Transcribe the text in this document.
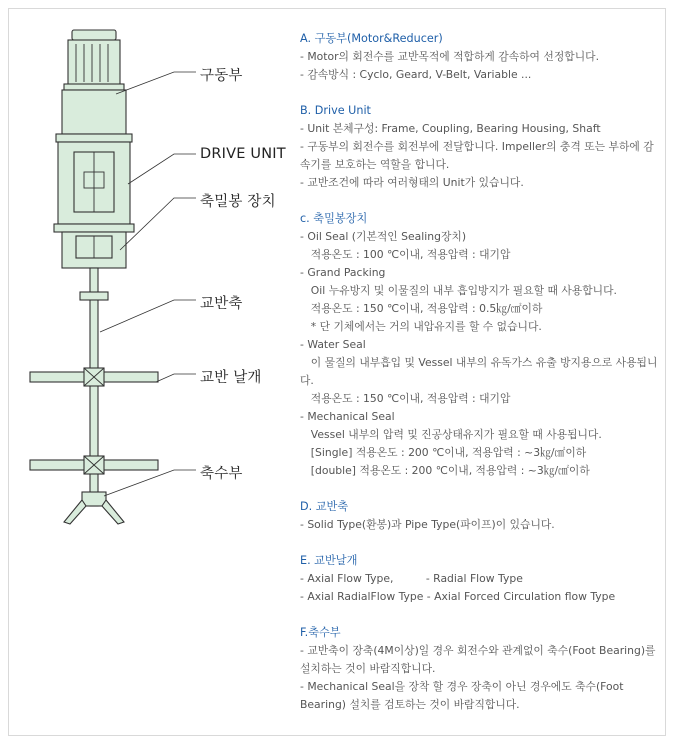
구동부
DRIVE UNIT
축밀봉 장치
교반축
교반 날개
축수부

A. 구동부(Motor&Reducer)

- Motor의 회전수를 교반목적에 적합하게 감속하여 선정합니다.

- 감속방식 : Cyclo, Geard, V-Belt, Variable ...

B. Drive Unit

- Unit 본체구성: Frame, Coupling, Bearing Housing, Shaft

- 구동부의 회전수를 회전부에 전달합니다. Impeller의 충격 또는 부하에 감속기를 보호하는 역할을 합니다.

- 교반조건에 따라 여러형태의 Unit가 있습니다.

c. 축밀봉장치

- Oil Seal (기본적인 Sealing장치)

　적용온도 : 100 ℃이내, 적용압력 : 대기압

- Grand Packing

　Oil 누유방지 및 이물질의 내부 흡입방지가 필요할 때 사용합니다.

　적용온도 : 150 ℃이내, 적용압력 : 0.5㎏/㎠이하

　* 단 기체에서는 거의 내압유지를 할 수 없습니다.

- Water Seal

　이 물질의 내부흡입 및 Vessel 내부의 유독가스 유출 방지용으로 사용됩니다.

　적용온도 : 150 ℃이내, 적용압력 : 대기압

- Mechanical Seal

　Vessel 내부의 압력 및 진공상태유지가 필요할 때 사용됩니다.

　[Single] 적용온도 : 200 ℃이내, 적용압력 : ~3㎏/㎠이하

　[double] 적용온도 : 200 ℃이내, 적용압력 : ~3㎏/㎠이하

D. 교반축

- Solid Type(환봉)과 Pipe Type(파이프)이 있습니다.

E. 교반날개

- Axial Flow Type,　　　- Radial Flow Type

- Axial RadialFlow Type - Axial Forced Circulation flow Type

F.축수부

- 교반축이 장축(4M이상)일 경우 회전수와 관계없이 축수(Foot Bearing)를 설치하는 것이 바람직합니다.

- Mechanical Seal을 장착 할 경우 장축이 아닌 경우에도 축수(Foot Bearing) 설치를 검토하는 것이 바람직합니다.
